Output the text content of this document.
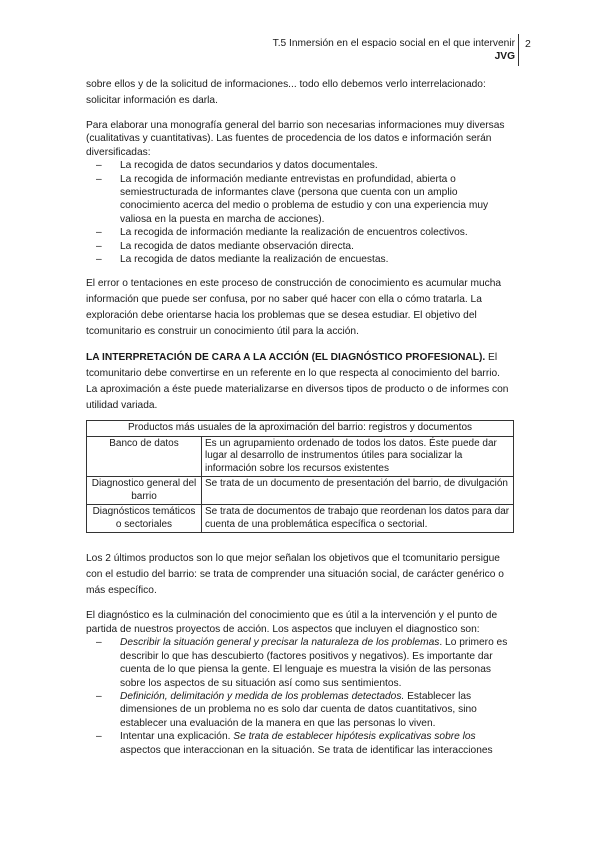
T.5 Inmersión en el espacio social en el que intervenir
JVG
2

sobre ellos y de la solicitud de informaciones... todo ello debemos verlo interrelacionado: solicitar información es darla.

Para elaborar una monografía general del barrio son necesarias informaciones muy diversas (cualitativas y cuantitativas). Las fuentes de procedencia de los datos e información serán diversificadas:

– La recogida de datos secundarios y datos documentales.
– La recogida de información mediante entrevistas en profundidad, abierta o semiestructurada de informantes clave (persona que cuenta con un amplio conocimiento acerca del medio o problema de estudio y con una experiencia muy valiosa en la puesta en marcha de acciones).
– La recogida de información mediante la realización de encuentros colectivos.
– La recogida de datos mediante observación directa.
– La recogida de datos mediante la realización de encuestas.

El error o tentaciones en este proceso de construcción de conocimiento es acumular mucha información que puede ser confusa, por no saber qué hacer con ella o cómo tratarla. La exploración debe orientarse hacia los problemas que se desea estudiar. El objetivo del tcomunitario es construir un conocimiento útil para la acción.

LA INTERPRETACIÓN DE CARA A LA ACCIÓN (EL DIAGNÓSTICO PROFESIONAL). El tcomunitario debe convertirse en un referente en lo que respecta al conocimiento del barrio. La aproximación a éste puede materializarse en diversos tipos de producto o de informes con utilidad variada.

Productos más usuales de la aproximación del barrio: registros y documentos	
Banco de datos	Es un agrupamiento ordenado de todos los datos. Éste puede dar lugar al desarrollo de instrumentos útiles para socializar la información sobre los recursos existentes
Diagnostico general del barrio	Se trata de un documento de presentación del barrio, de divulgación
Diagnósticos temáticos o sectoriales	Se trata de documentos de trabajo que reordenan los datos para dar cuenta de una problemática específica o sectorial.

Los 2 últimos productos son lo que mejor señalan los objetivos que el tcomunitario persigue con el estudio del barrio: se trata de comprender una situación social, de carácter genérico o más específico.

El diagnóstico es la culminación del conocimiento que es útil a la intervención y el punto de partida de nuestros proyectos de acción. Los aspectos que incluyen el diagnostico son:

– Describir la situación general y precisar la naturaleza de los problemas. Lo primero es describir lo que has descubierto (factores positivos y negativos). Es importante dar cuenta de lo que piensa la gente. El lenguaje es muestra la visión de las personas sobre los aspectos de su situación así como sus sentimientos.
– Definición, delimitación y medida de los problemas detectados. Establecer las dimensiones de un problema no es solo dar cuenta de datos cuantitativos, sino establecer una evaluación de la manera en que las personas lo viven.
– Intentar una explicación. Se trata de establecer hipótesis explicativas sobre los aspectos que interaccionan en la situación. Se trata de identificar las interacciones
